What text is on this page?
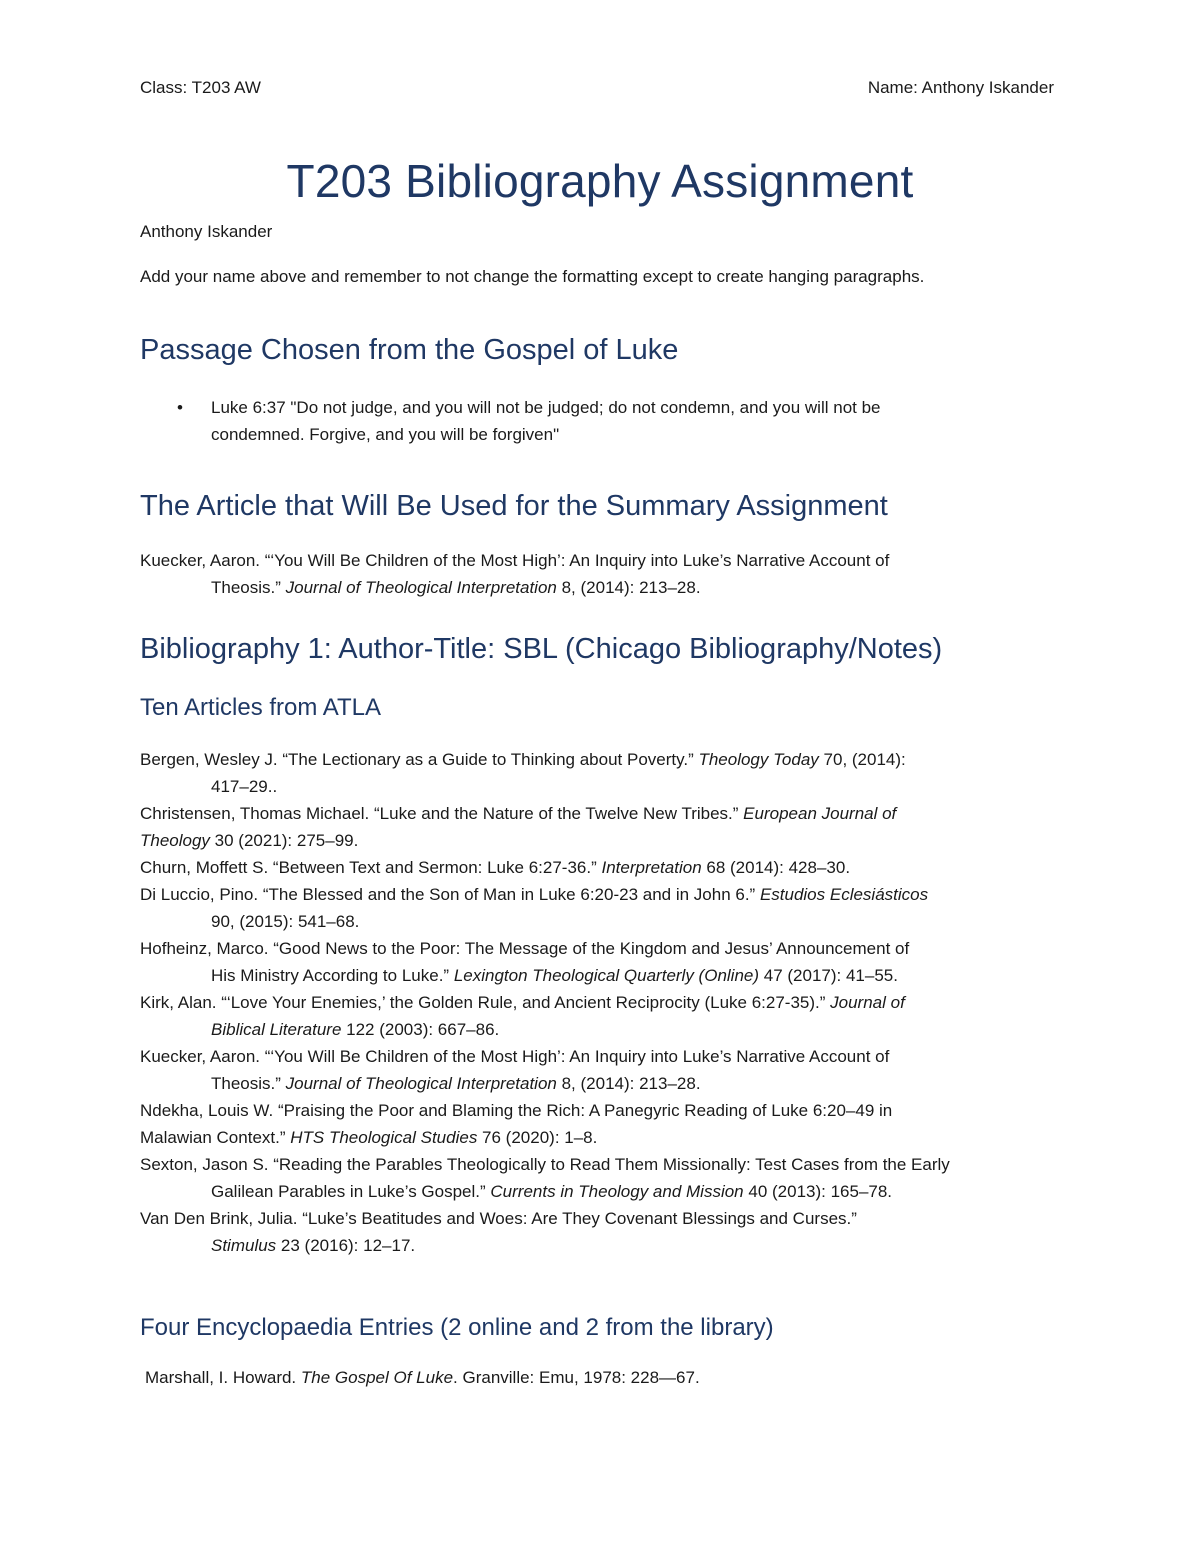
Class: T203 AW	Name: Anthony Iskander
T203 Bibliography Assignment
Anthony Iskander
Add your name above and remember to not change the formatting except to create hanging paragraphs.
Passage Chosen from the Gospel of Luke
• Luke 6:37 "Do not judge, and you will not be judged; do not condemn, and you will not be
condemned. Forgive, and you will be forgiven"
The Article that Will Be Used for the Summary Assignment
Kuecker, Aaron. “‘You Will Be Children of the Most High’: An Inquiry into Luke’s Narrative Account of
Theosis.” Journal of Theological Interpretation 8, (2014): 213–28.
Bibliography 1: Author-Title: SBL (Chicago Bibliography/Notes)
Ten Articles from ATLA
Bergen, Wesley J. “The Lectionary as a Guide to Thinking about Poverty.” Theology Today 70, (2014):
417–29..
Christensen, Thomas Michael. “Luke and the Nature of the Twelve New Tribes.” European Journal of
Theology 30 (2021): 275–99.
Churn, Moffett S. “Between Text and Sermon: Luke 6:27-36.” Interpretation 68 (2014): 428–30.
Di Luccio, Pino. “The Blessed and the Son of Man in Luke 6:20-23 and in John 6.” Estudios Eclesiásticos
90, (2015): 541–68.
Hofheinz, Marco. “Good News to the Poor: The Message of the Kingdom and Jesus’ Announcement of
His Ministry According to Luke.” Lexington Theological Quarterly (Online) 47 (2017): 41–55.
Kirk, Alan. “‘Love Your Enemies,’ the Golden Rule, and Ancient Reciprocity (Luke 6:27-35).” Journal of
Biblical Literature 122 (2003): 667–86.
Kuecker, Aaron. “‘You Will Be Children of the Most High’: An Inquiry into Luke’s Narrative Account of
Theosis.” Journal of Theological Interpretation 8, (2014): 213–28.
Ndekha, Louis W. “Praising the Poor and Blaming the Rich: A Panegyric Reading of Luke 6:20–49 in
Malawian Context.” HTS Theological Studies 76 (2020): 1–8.
Sexton, Jason S. “Reading the Parables Theologically to Read Them Missionally: Test Cases from the Early
Galilean Parables in Luke’s Gospel.” Currents in Theology and Mission 40 (2013): 165–78.
Van Den Brink, Julia. “Luke’s Beatitudes and Woes: Are They Covenant Blessings and Curses.”
Stimulus 23 (2016): 12–17.
Four Encyclopaedia Entries (2 online and 2 from the library)
Marshall, I. Howard. The Gospel Of Luke. Granville: Emu, 1978: 228—67.
